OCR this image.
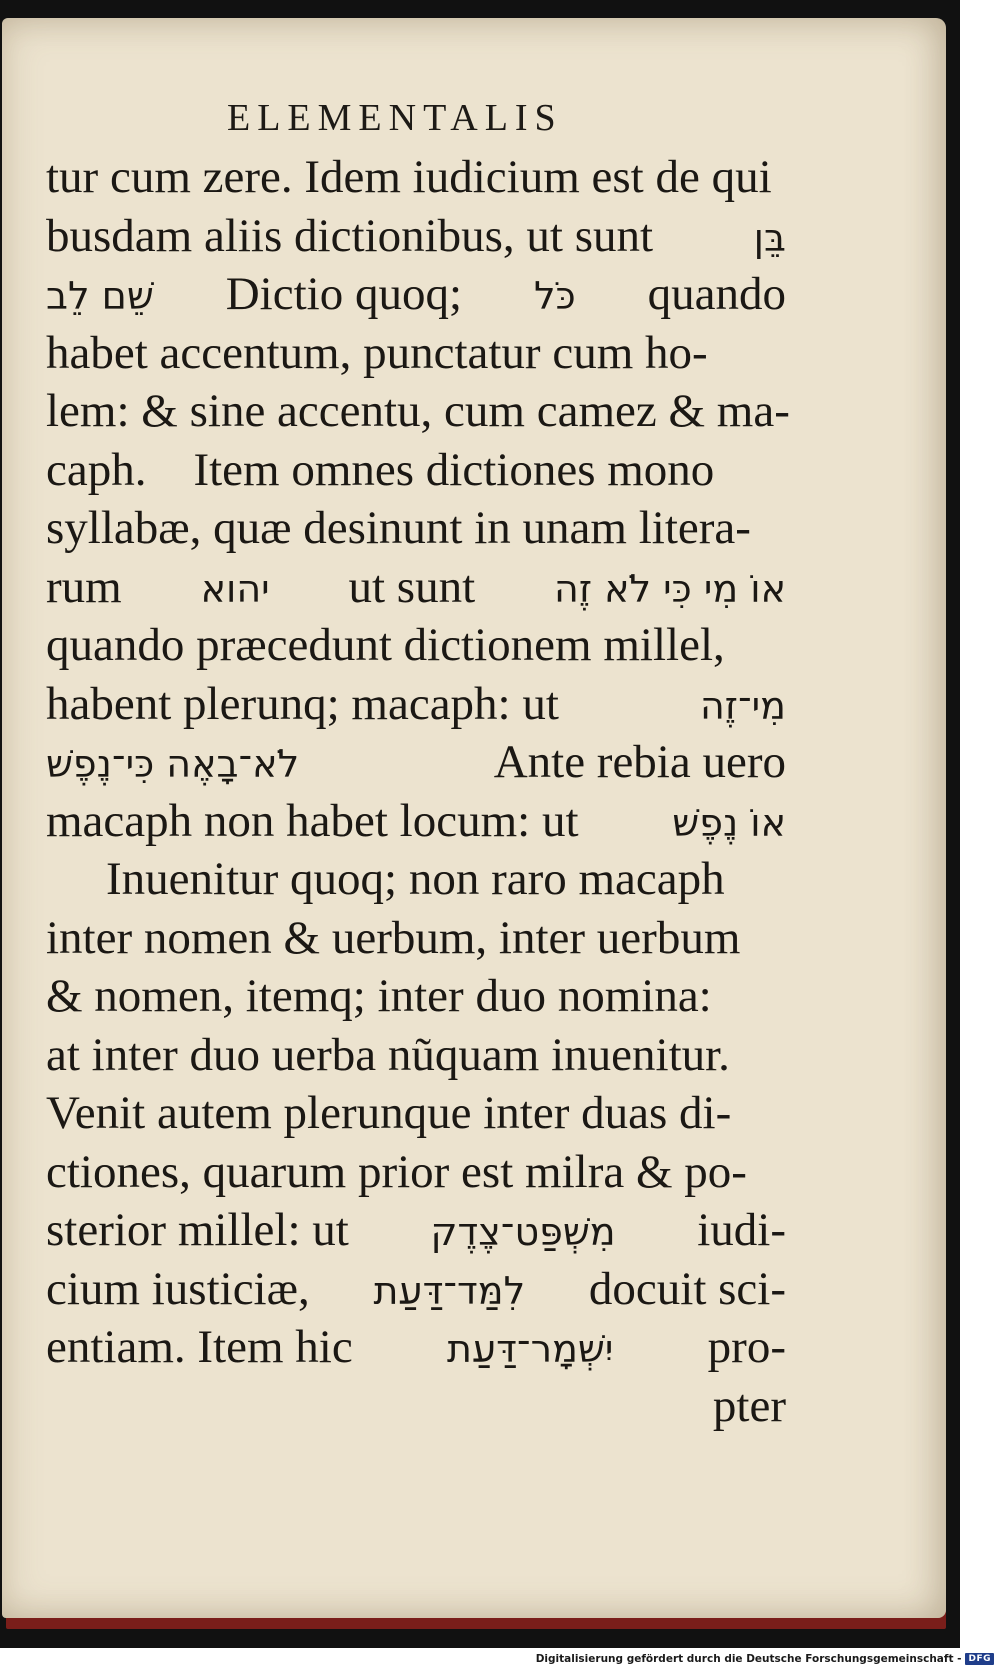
ELEMENTALIS
tur cum zere. Idem iudicium est de qui
busdam aliis dictionibus, ut sunt	בֵּן
שֵׁם לֵב Dictio quoq; כֹּל quando
habet accentum, punctatur cum ho-
lem: & sine accentu, cum camez & ma-
caph.    Item omnes dictiones mono
syllabæ, quæ desinunt in unam litera-
rum יהוא ut sunt אוֹ מִי כִּי לֹא זֶה
quando præcedunt dictionem millel,
habent plerunq; macaph: ut	מִי־זֶה
לֹא־בָאֶה כִּי־נֶפֶשׁ	Ante rebia uero
macaph non habet locum: ut אוֹ נֶפֶשׁ
Inuenitur quoq; non raro macaph
inter nomen & uerbum, inter uerbum
& nomen, itemq; inter duo nomina:
at inter duo uerba nũquam inuenitur.
Venit autem plerunque inter duas di-
ctiones, quarum prior est milra & po-
sterior millel: ut מִשְׁפַּט־צֶדֶק iudi-
cium iusticiæ, לִמַּד־דַּעַת docuit sci-
entiam. Item hic יִשְׁמָר־דַּעַת pro-
pter
Digitalisierung gefördert durch die Deutsche Forschungsgemeinschaft - DFG
